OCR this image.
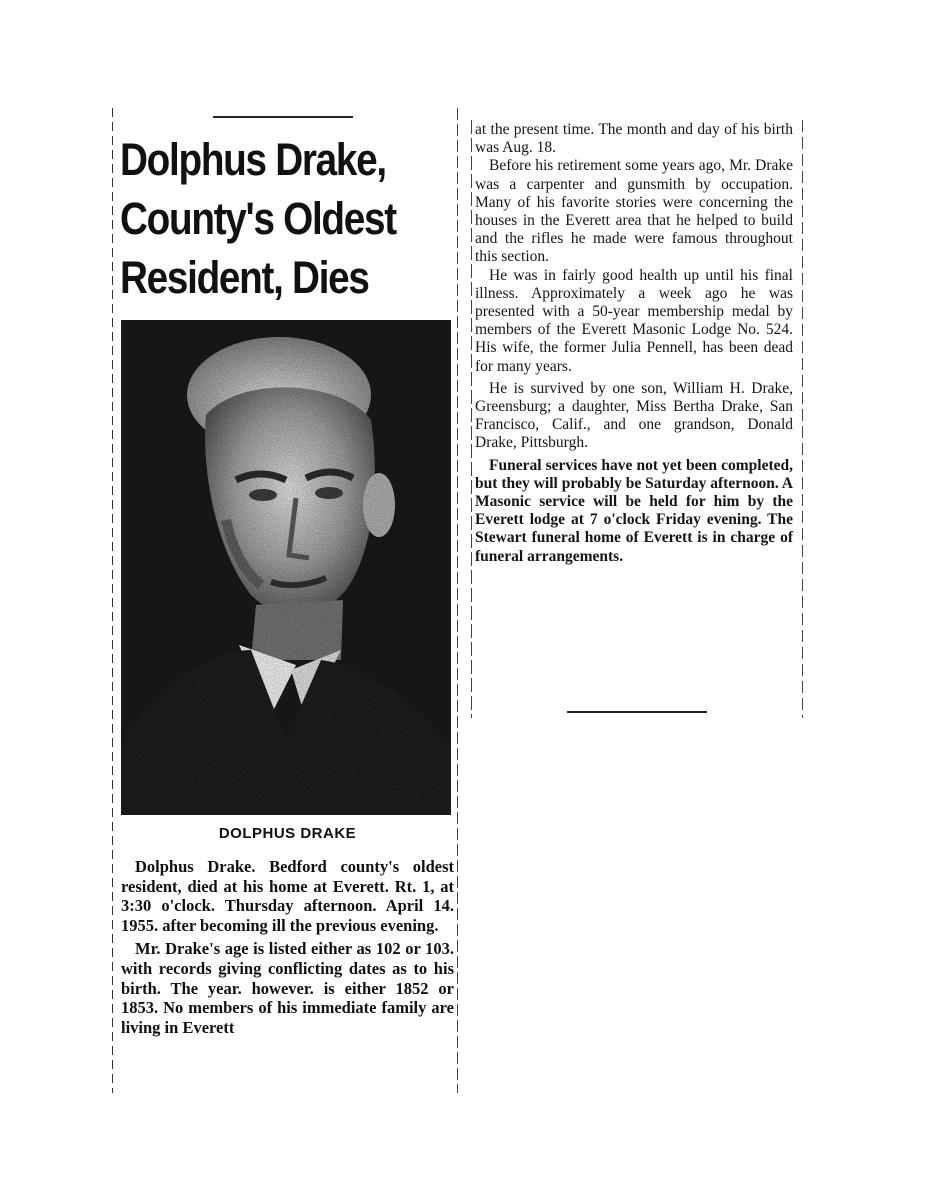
Dolphus Drake,
County's Oldest
Resident, Dies
DOLPHUS DRAKE

Dolphus Drake. Bedford county's oldest resident, died at his home at Everett. Rt. 1, at 3:30 o'clock. Thursday afternoon. April 14. 1955. after becoming ill the previous evening.

Mr. Drake's age is listed either as 102 or 103. with records giving conflicting dates as to his birth. The year. however. is either 1852 or 1853. No members of his immediate family are living in Everett

at the present time. The month and day of his birth was Aug. 18.

Before his retirement some years ago, Mr. Drake was a carpenter and gunsmith by occupation. Many of his favorite stories were concerning the houses in the Everett area that he helped to build and the rifles he made were famous throughout this section.

He was in fairly good health up until his final illness. Approximately a week ago he was presented with a 50-year membership medal by members of the Everett Masonic Lodge No. 524. His wife, the former Julia Pennell, has been dead for many years.

He is survived by one son, William H. Drake, Greensburg; a daughter, Miss Bertha Drake, San Francisco, Calif., and one grandson, Donald Drake, Pittsburgh.

Funeral services have not yet been completed, but they will probably be Saturday afternoon. A Masonic service will be held for him by the Everett lodge at 7 o'clock Friday evening. The Stewart funeral home of Everett is in charge of funeral arrangements.
